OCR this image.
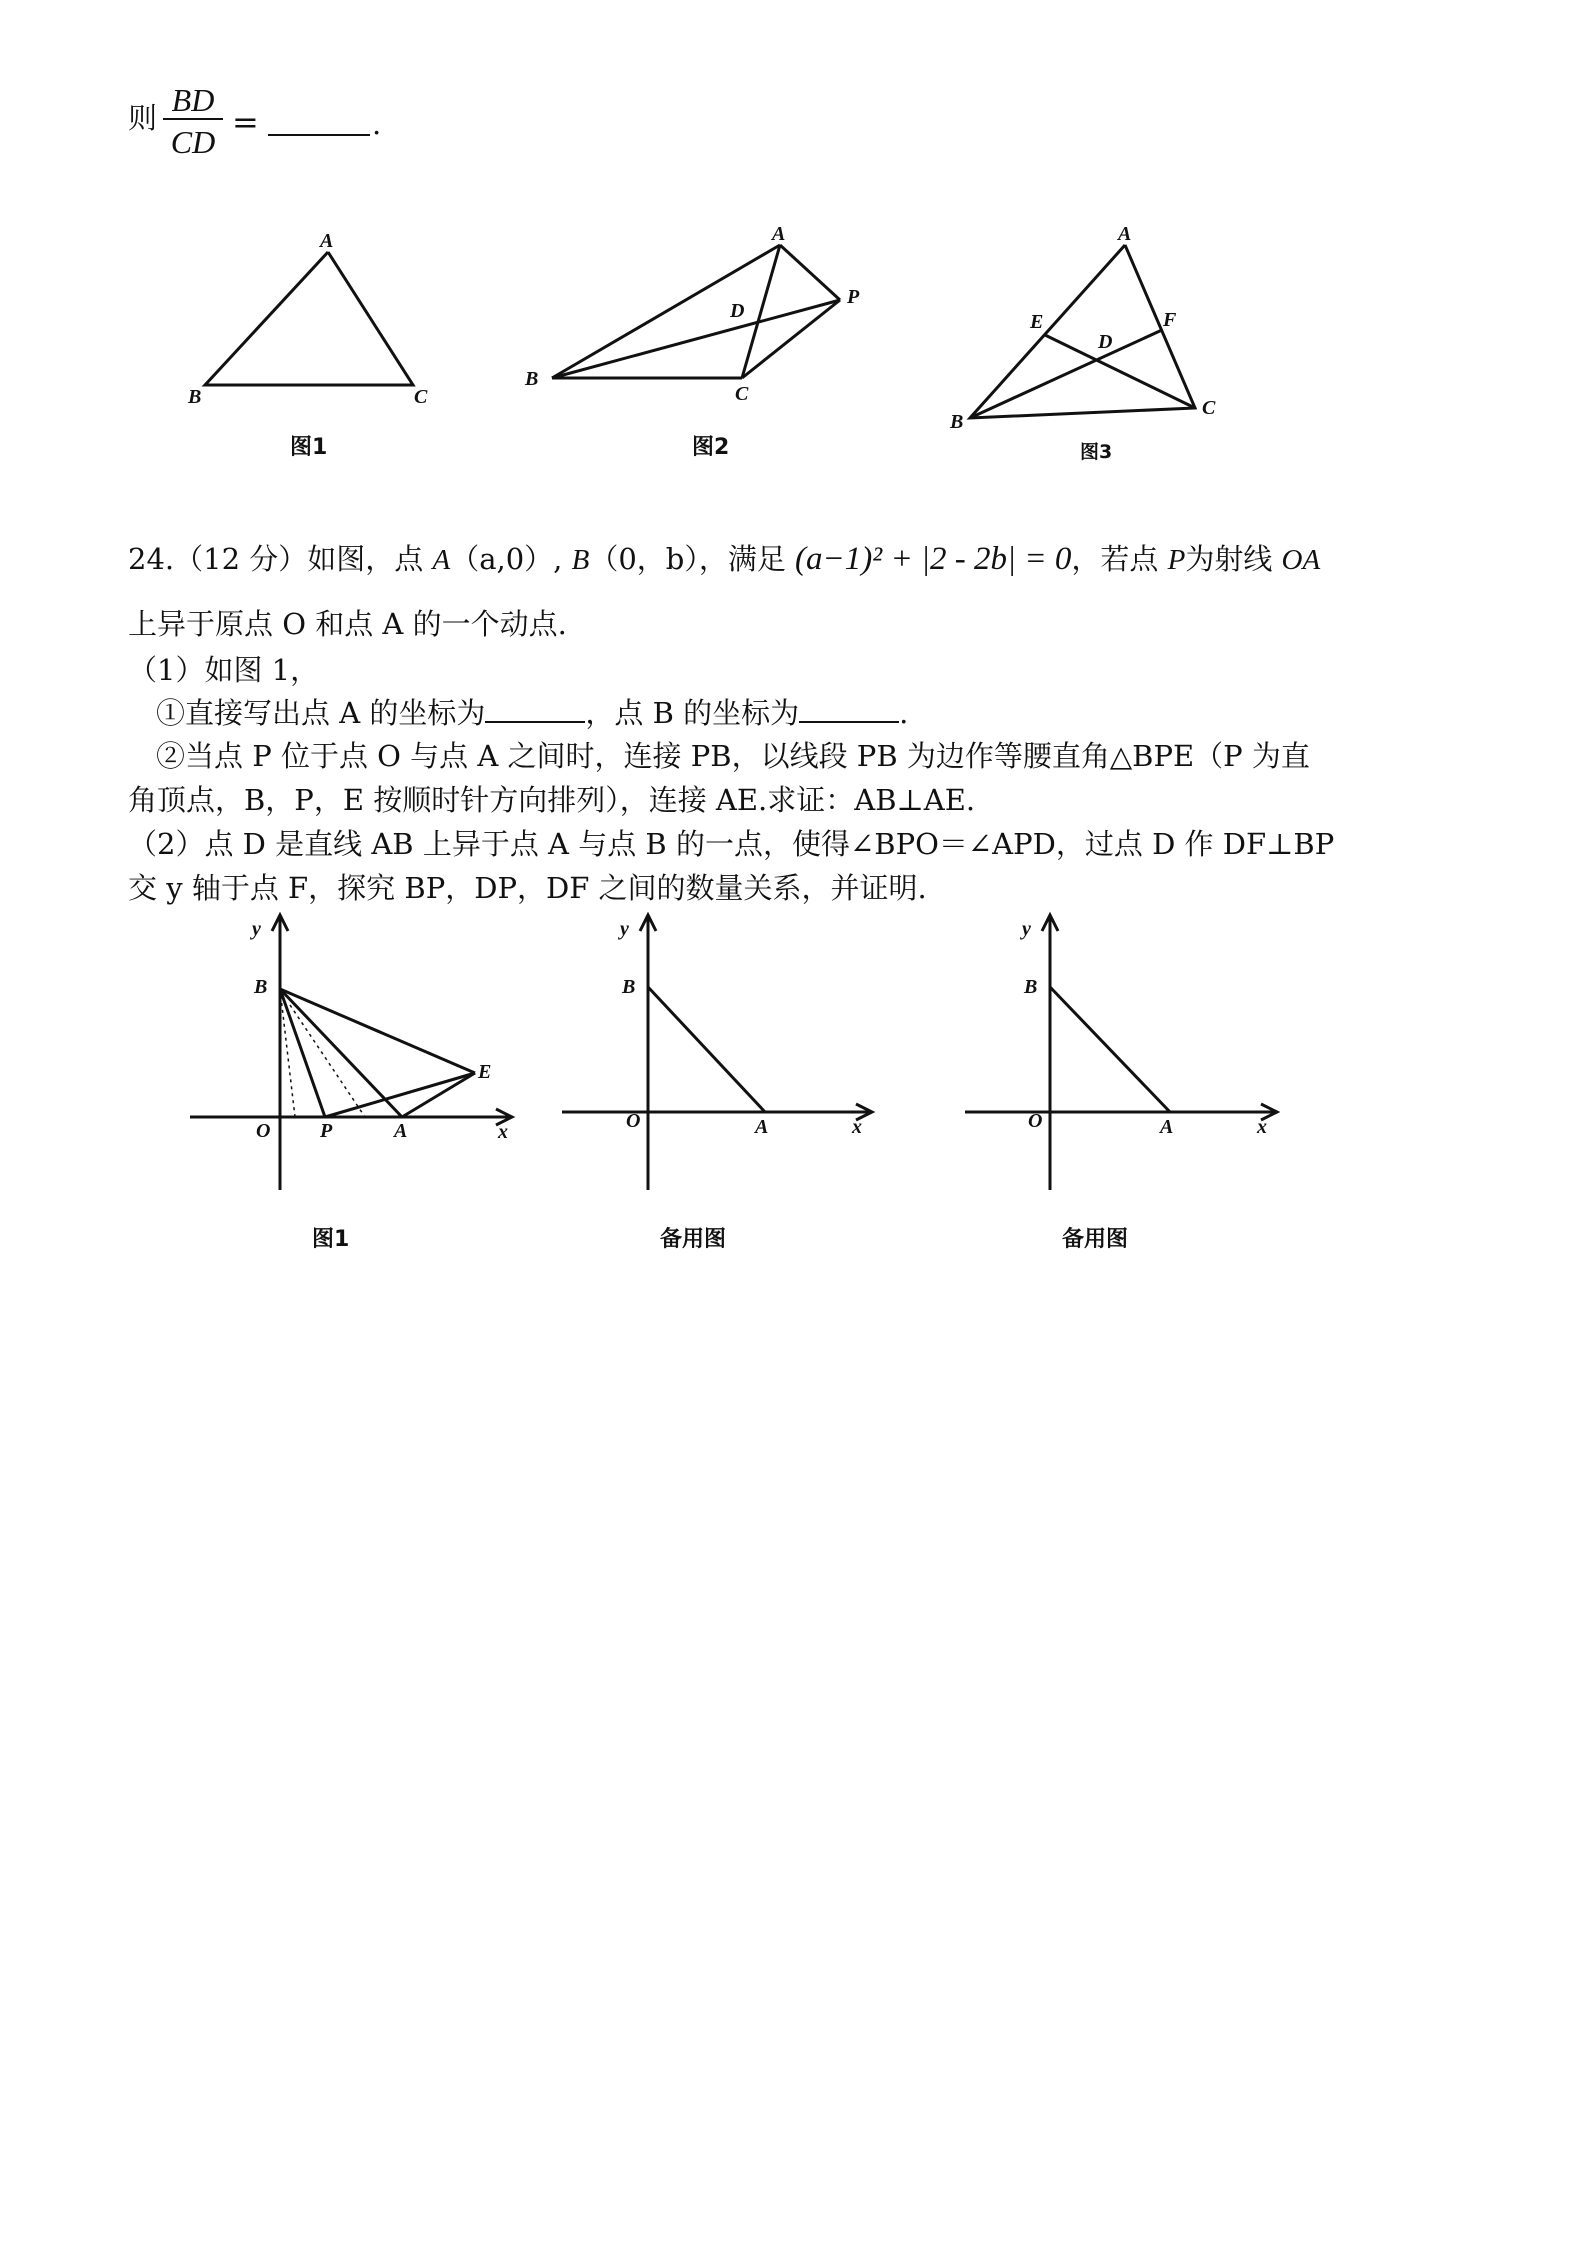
则 BD
CD
=	.
A
B	C
A
B
C
D
P
A
B
C
D
E	F
图1	图2	图3
24.（12 分）如图，点 A（a,0）, B（0，b），满足 (a−1)² + |2 - 2b| = 0，若点 P为射线 OA
上异于原点 O 和点 A 的一个动点.
（1）如图 1，
①直接写出点 A 的坐标为	，点 B 的坐标为	.
②当点 P 位于点 O 与点 A 之间时，连接 PB，以线段 PB 为边作等腰直角△BPE（P 为直
角顶点，B，P，E 按顺时针方向排列），连接 AE.求证：AB⊥AE.
（2）点 D 是直线 AB 上异于点 A 与点 B 的一点，使得∠BPO＝∠APD，过点 D 作 DF⊥BP
交 y 轴于点 F，探究 BP，DP，DF 之间的数量关系，并证明.
y
x
O
B
P	A
E
y
x
O
B
A
y
x
O
B
A
图1	备用图	备用图
